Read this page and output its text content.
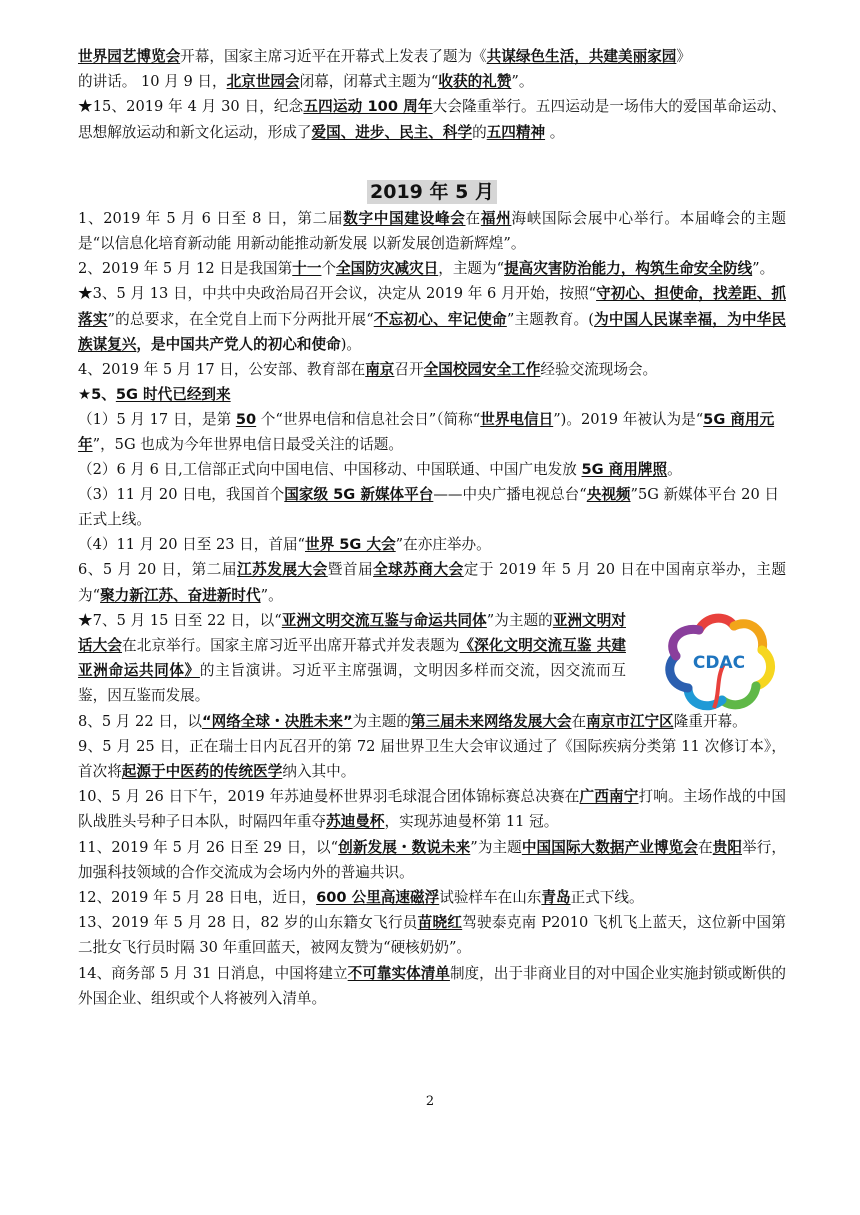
世界园艺博览会开幕，国家主席习近平在开幕式上发表了题为《共谋绿色生活，共建美丽家园》
的讲话。 10 月 9 日，北京世园会闭幕，闭幕式主题为“收获的礼赞”。

★15、2019 年 4 月 30 日，纪念五四运动 100 周年大会隆重举行。五四运动是一场伟大的爱国革命运动、思想解放运动和新文化运动，形成了爱国、进步、民主、科学的五四精神 。

2019 年 5 月

1、2019 年 5 月 6 日至 8 日，第二届数字中国建设峰会在福州海峡国际会展中心举行。本届峰会的主题是“以信息化培育新动能 用新动能推动新发展 以新发展创造新辉煌”。

2、2019 年 5 月 12 日是我国第十一个全国防灾减灾日，主题为“提高灾害防治能力，构筑生命安全防线”。

★3、5 月 13 日，中共中央政治局召开会议，决定从 2019 年 6 月开始，按照“守初心、担使命，找差距、抓落实”的总要求，在全党自上而下分两批开展“不忘初心、牢记使命”主题教育。(为中国人民谋幸福，为中华民族谋复兴，是中国共产党人的初心和使命)。

4、2019 年 5 月 17 日，公安部、教育部在南京召开全国校园安全工作经验交流现场会。

★5、5G 时代已经到来

（1）5 月 17 日，是第 50 个“世界电信和信息社会日”（简称“世界电信日”)。2019 年被认为是“5G 商用元年”，5G 也成为今年世界电信日最受关注的话题。

（2）6 月 6 日,工信部正式向中国电信、中国移动、中国联通、中国广电发放 5G 商用牌照。

（3）11 月 20 日电，我国首个国家级 5G 新媒体平台——中央广播电视总台“央视频”5G 新媒体平台 20 日正式上线。

（4）11 月 20 日至 23 日，首届“世界 5G 大会”在亦庄举办。

6、5 月 20 日，第二届江苏发展大会暨首届全球苏商大会定于 2019 年 5 月 20 日在中国南京举办，主题为“聚力新江苏、奋进新时代”。

★7、5 月 15 日至 22 日，以“亚洲文明交流互鉴与命运共同体”为主题的亚洲文明对话大会在北京举行。国家主席习近平出席开幕式并发表题为《深化文明交流互鉴 共建亚洲命运共同体》的主旨演讲。习近平主席强调，文明因多样而交流，因交流而互鉴，因互鉴而发展。

CDAC

8、5 月 22 日，以“网络全球・决胜未来”为主题的第三届未来网络发展大会在南京市江宁区隆重开幕。

9、5 月 25 日，正在瑞士日内瓦召开的第 72 届世界卫生大会审议通过了《国际疾病分类第 11 次修订本》，首次将起源于中医药的传统医学纳入其中。

10、5 月 26 日下午，2019 年苏迪曼杯世界羽毛球混合团体锦标赛总决赛在广西南宁打响。主场作战的中国队战胜头号种子日本队，时隔四年重夺苏迪曼杯，实现苏迪曼杯第 11 冠。

11、2019 年 5 月 26 日至 29 日，以“创新发展・数说未来”为主题中国国际大数据产业博览会在贵阳举行，加强科技领域的合作交流成为会场内外的普遍共识。

12、2019 年 5 月 28 日电，近日，600 公里高速磁浮试验样车在山东青岛正式下线。

13、2019 年 5 月 28 日，82 岁的山东籍女飞行员苗晓红驾驶泰克南 P2010 飞机飞上蓝天，这位新中国第二批女飞行员时隔 30 年重回蓝天，被网友赞为“硬核奶奶”。

14、商务部 5 月 31 日消息，中国将建立不可靠实体清单制度，出于非商业目的对中国企业实施封锁或断供的外国企业、组织或个人将被列入清单。

2
